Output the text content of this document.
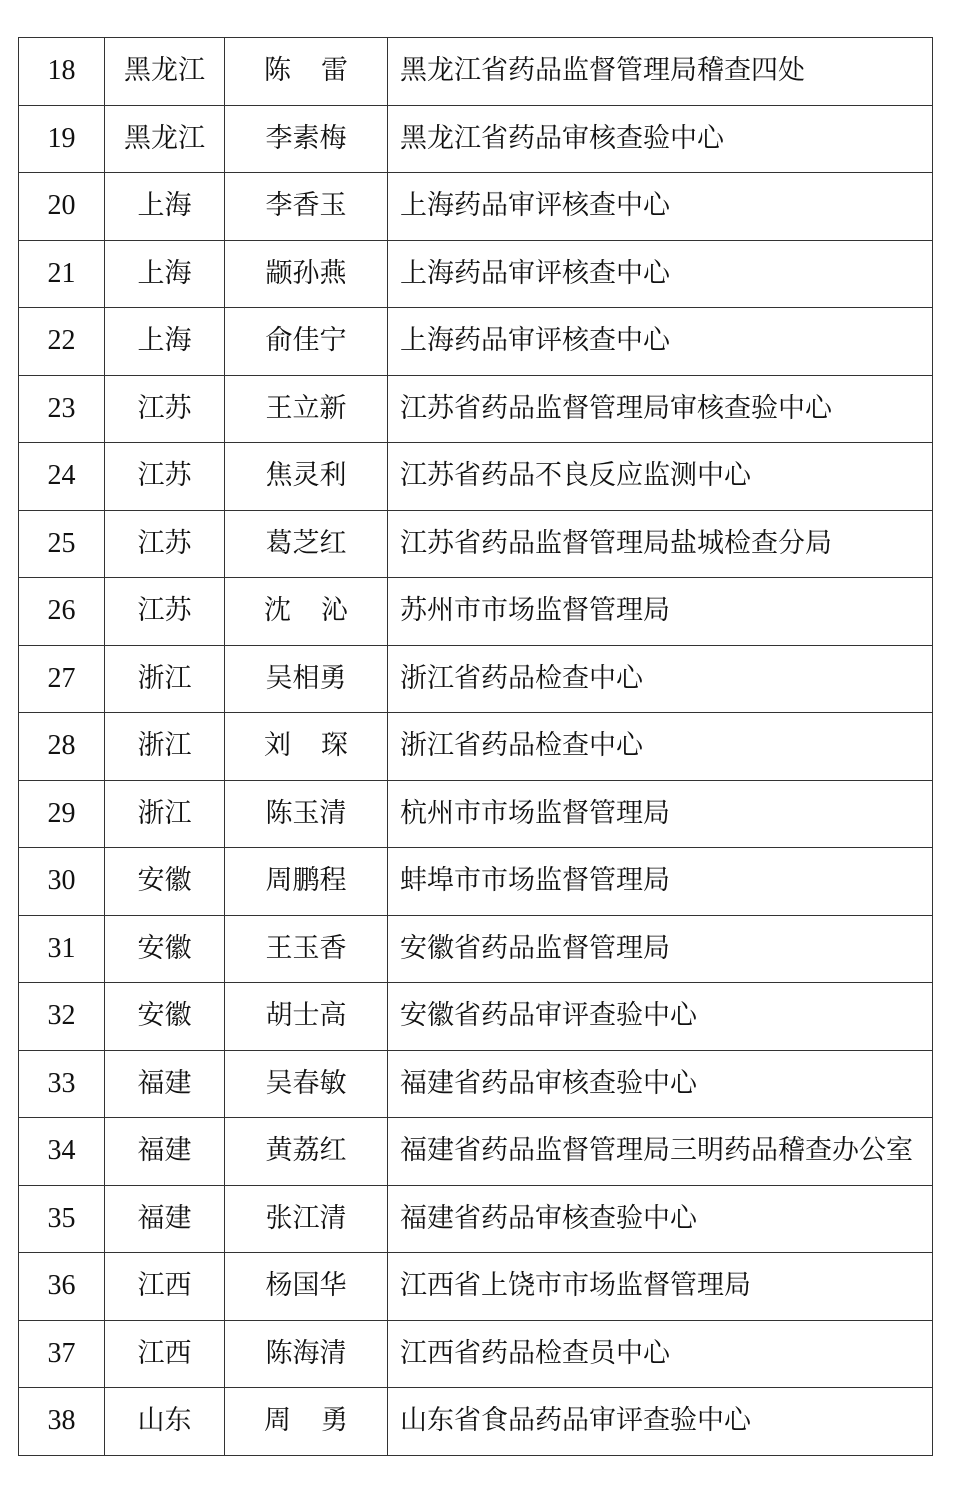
18	黑龙江	陈雷	黑龙江省药品监督管理局稽查四处
19	黑龙江	李素梅	黑龙江省药品审核查验中心
20	上海	李香玉	上海药品审评核查中心
21	上海	颛孙燕	上海药品审评核查中心
22	上海	俞佳宁	上海药品审评核查中心
23	江苏	王立新	江苏省药品监督管理局审核查验中心
24	江苏	焦灵利	江苏省药品不良反应监测中心
25	江苏	葛芝红	江苏省药品监督管理局盐城检查分局
26	江苏	沈沁	苏州市市场监督管理局
27	浙江	吴相勇	浙江省药品检查中心
28	浙江	刘琛	浙江省药品检查中心
29	浙江	陈玉清	杭州市市场监督管理局
30	安徽	周鹏程	蚌埠市市场监督管理局
31	安徽	王玉香	安徽省药品监督管理局
32	安徽	胡士高	安徽省药品审评查验中心
33	福建	吴春敏	福建省药品审核查验中心
34	福建	黄荔红	福建省药品监督管理局三明药品稽查办公室
35	福建	张江清	福建省药品审核查验中心
36	江西	杨国华	江西省上饶市市场监督管理局
37	江西	陈海清	江西省药品检查员中心
38	山东	周勇	山东省食品药品审评查验中心
